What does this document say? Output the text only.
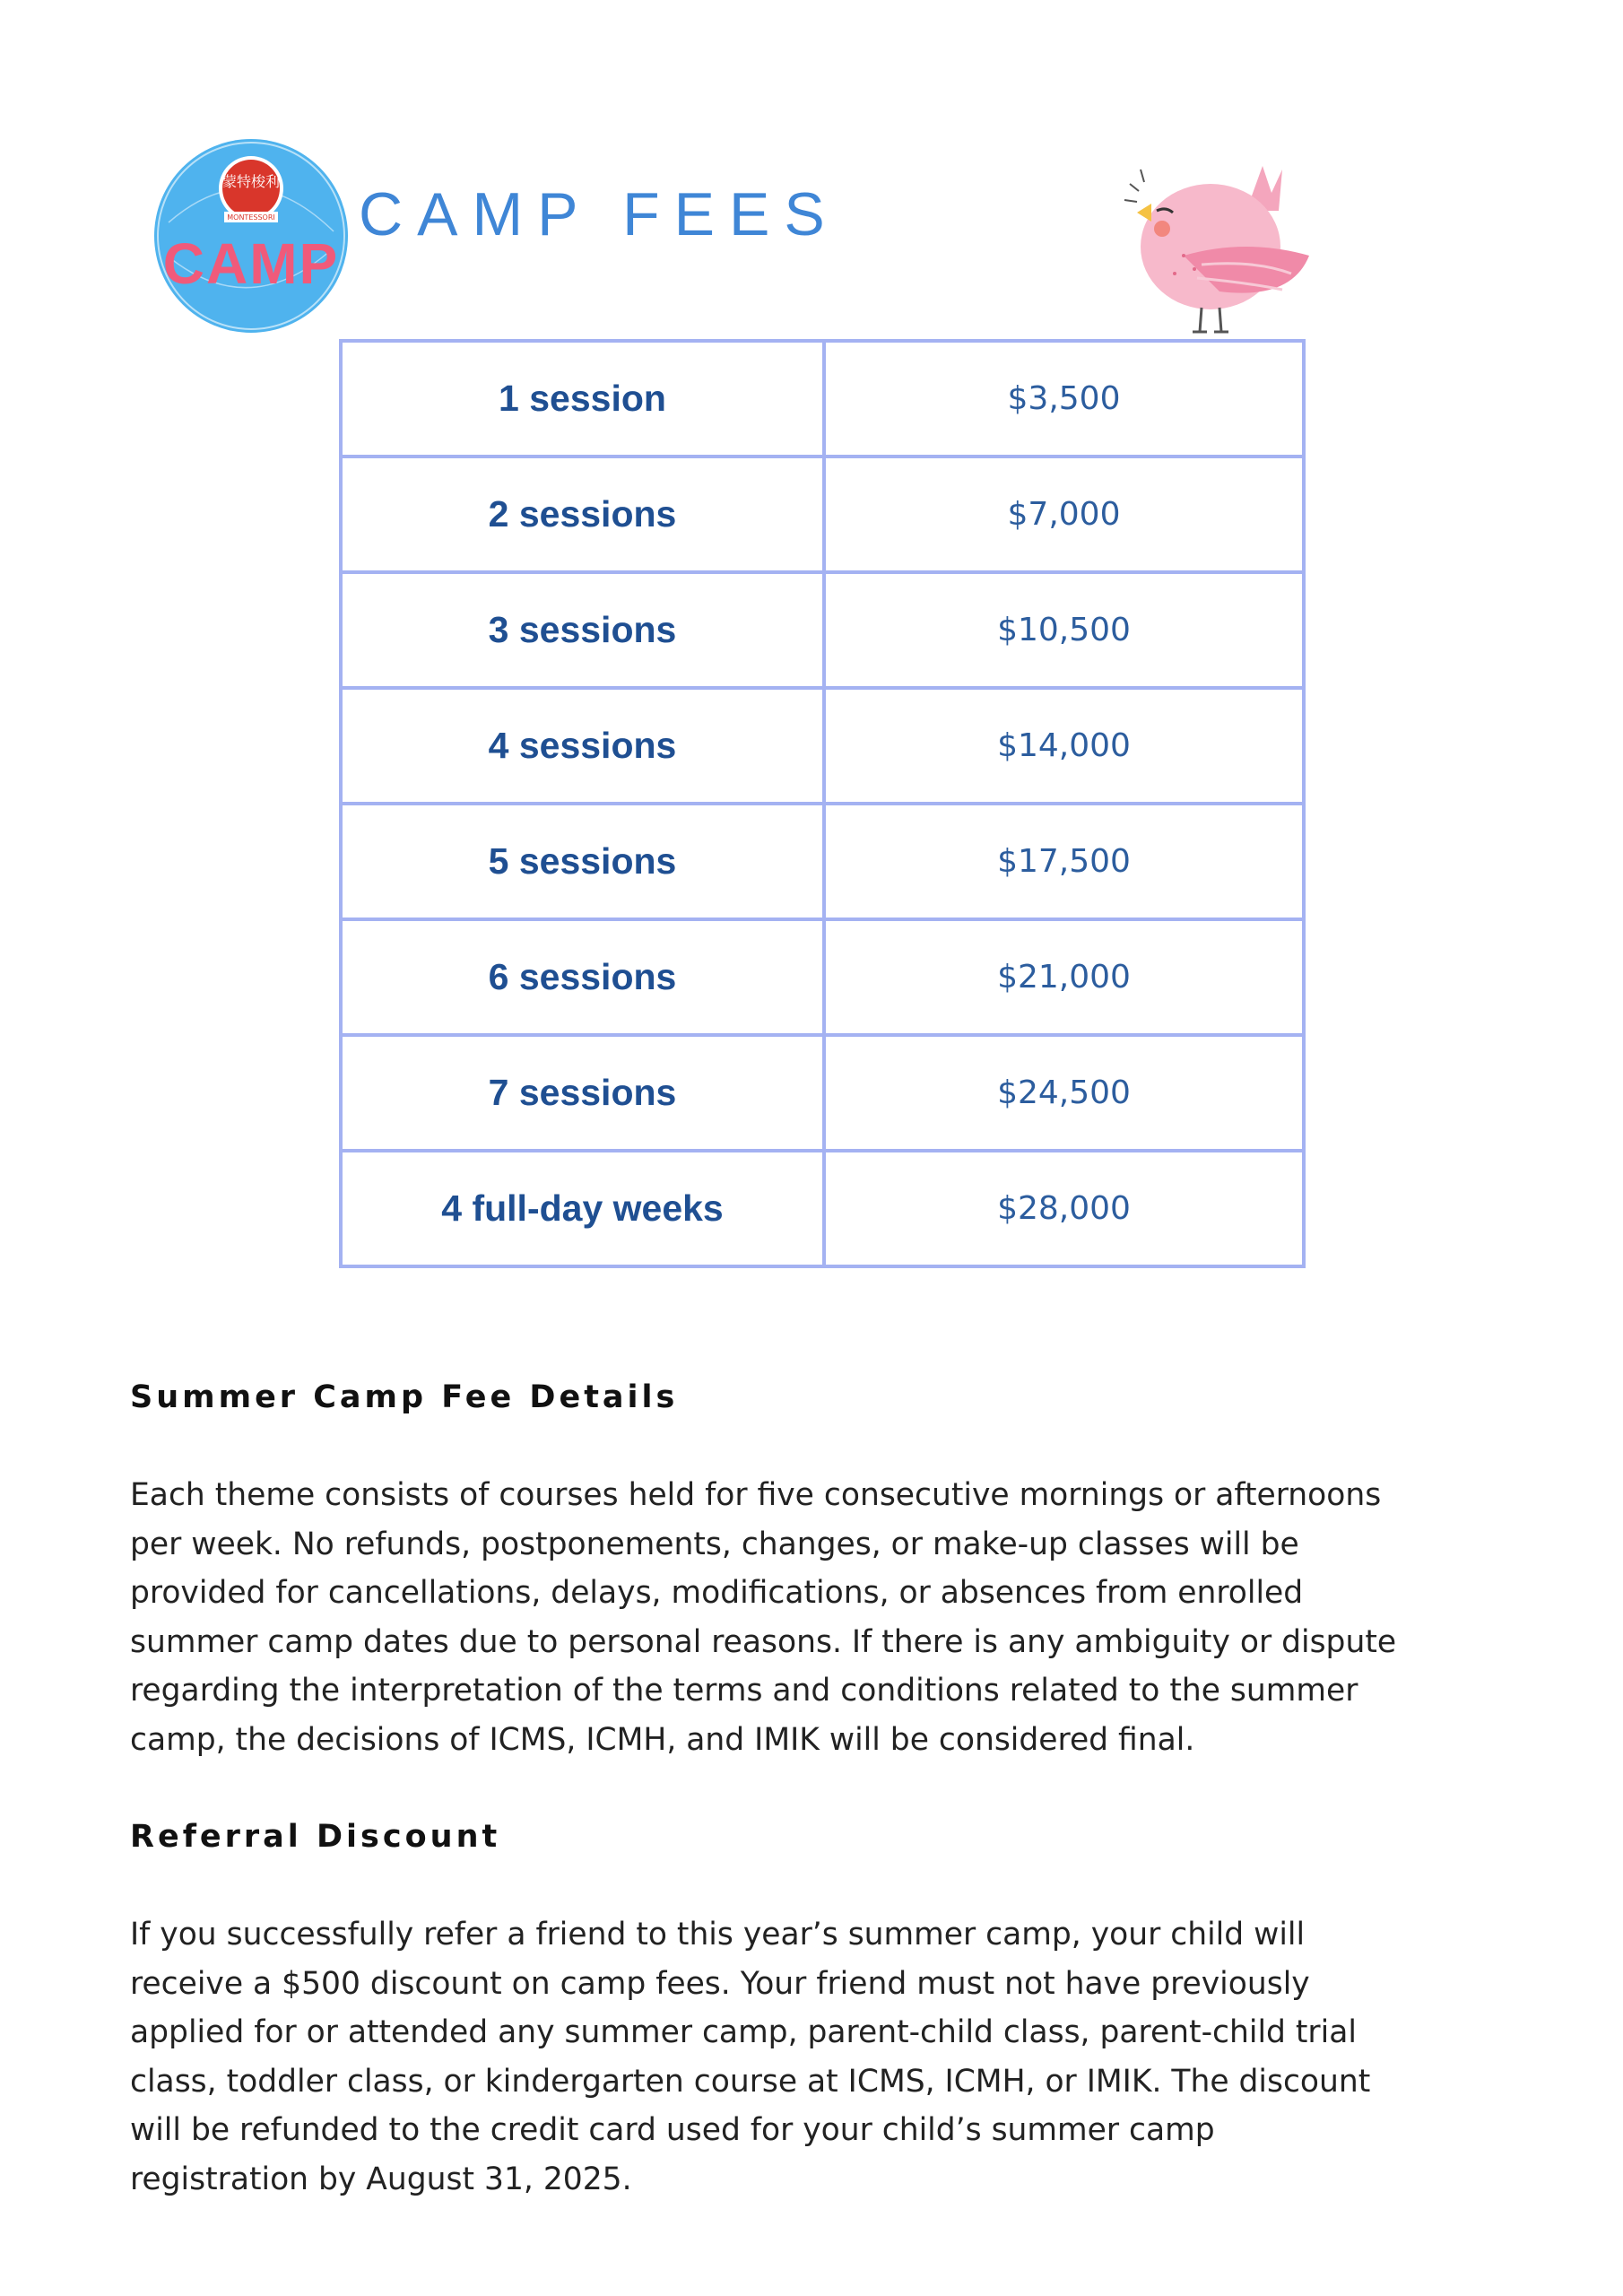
蒙特梭利
MONTESSORI
CAMP
CAMP FEES
1 session	$3,500
2 sessions	$7,000
3 sessions	$10,500
4 sessions	$14,000
5 sessions	$17,500
6 sessions	$21,000
7 sessions	$24,500
4 full-day weeks	$28,000
Summer Camp Fee Details
Each theme consists of courses held for five consecutive mornings or afternoons
per week. No refunds, postponements, changes, or make-up classes will be
provided for cancellations, delays, modifications, or absences from enrolled
summer camp dates due to personal reasons. If there is any ambiguity or dispute
regarding the interpretation of the terms and conditions related to the summer
camp, the decisions of ICMS, ICMH, and IMIK will be considered final.
Referral Discount
If you successfully refer a friend to this year’s summer camp, your child will
receive a $500 discount on camp fees. Your friend must not have previously
applied for or attended any summer camp, parent-child class, parent-child trial
class, toddler class, or kindergarten course at ICMS, ICMH, or IMIK. The discount
will be refunded to the credit card used for your child’s summer camp
registration by August 31, 2025.
